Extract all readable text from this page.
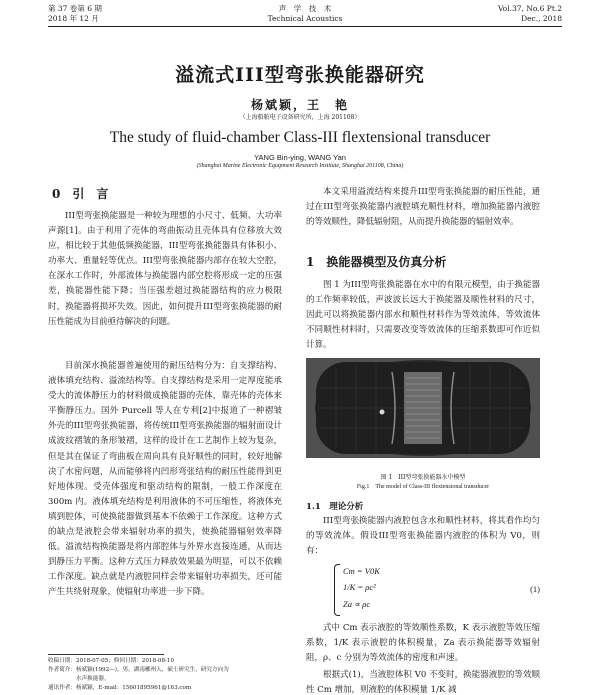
第 37 卷第 6 期
2018 年 12 月
声　学　技　术
Technical Acoustics
Vol.37, No.6 Pt.2
Dec., 2018
溢流式III型弯张换能器研究
杨斌颖，王　艳
（上海船舶电子设备研究所，上海 201108）
The study of fluid-chamber Class-III flextensional transducer
YANG Bin-ying, WANG Yan
(Shanghai Marine Electronic Equipment Research Institute, Shanghai 201108, China)
0　引　言
III型弯张换能器是一种较为理想的小尺寸、低频、大功率声源[1]。由于利用了壳体的弯曲振动且壳体具有位移放大效应，相比较于其他低频换能器，III型弯张换能器具有体积小、功率大、重量轻等优点。III型弯张换能器内部存在较大空腔，在深水工作时，外部流体与换能器内部空腔将形成一定的压强差，换能器性能下降；当压强差超过换能器结构的应力极限时，换能器将损坏失效。因此，如何提升III型弯张换能器的耐压性能成为目前亟待解决的问题。
目前深水换能器普遍使用的耐压结构分为：自支撑结构、液体填充结构、溢流结构等。自支撑结构是采用一定厚度能承受大的流体静压力的材料做成换能器的壳体，靠壳体的壳体来平衡静压力。国外 Purcell 等人在专利[2]中报道了一种褶皱外壳的III型弯张换能器，将传统III型弯张换能器的辐射面设计成波纹褶皱的条形皱褶，这样的设计在工艺制作上较为复杂，但是其在保证了弯曲板在周向具有良好顺性的同时，较好地解决了水密问题，从而能够将内凹形弯张结构的耐压性能得到更好地体现。受壳体强度和驱动结构的限制，一般工作深度在 300m 内。液体填充结构是利用液体的不可压缩性，将液体充填到腔体，可使换能器做到基本不依赖于工作深度。这种方式的缺点是液腔会带来辐射功率的损失，使换能器辐射效率降低。溢流结构换能器是将内部腔体与外界水直接连通，从而达到静压力平衡。这种方式压力释放效果最为明显，可以不依赖工作深度。缺点就是内液腔同样会带来辐射功率损失，还可能产生共绕射现象，使辐射功率进一步下降。
本文采用溢流结构来提升III型弯张换能器的耐压性能，通过在III型弯张换能器内液腔填充顺性材料，增加换能器内液腔的等效顺性，降低辐射阻，从而提升换能器的辐射效率。
1　换能器模型及仿真分析
图 1 为III型弯张换能器在水中的有限元模型，由于换能器的工作频率较低，声波波长远大于换能器及顺性材料的尺寸，因此可以将换能器内部水和顺性材料作为等效流体，等效流体不同顺性材料时，只需要改变等效流体的压缩系数即可作近似计算。
图 1　III型弯张换能器水中模型
Fig.1　The model of Class-III flextensional transducer
1.1　理论分析
III型弯张换能器内液腔包含水和顺性材料，将其看作均匀的等效流体。假设III型弯张换能器内液腔的体积为 V0，则有：
Cm = V0K
1/K = ρc²
Za ∝ ρc
(1)
式中 Cm 表示液腔的等效顺性系数，K 表示液腔等效压缩系数，1/K 表示液腔的体积模量，Za 表示换能器等效辐射阻，ρ、c 分别为等效流体的密度和声速。
根据式(1)，当液腔体积 V0 不变时，换能器液腔的等效顺性 Cm 增加，则液腔的体积模量 1/K 减
收稿日期：2018-07-05；修回日期：2018-08-10
作者简介：杨斌颖(1992—)，男，湖南郴州人，硕士研究生，研究方向为
　　　　　水声换能器。
通讯作者：杨斌颖，E-mail：15601895961@163.com
